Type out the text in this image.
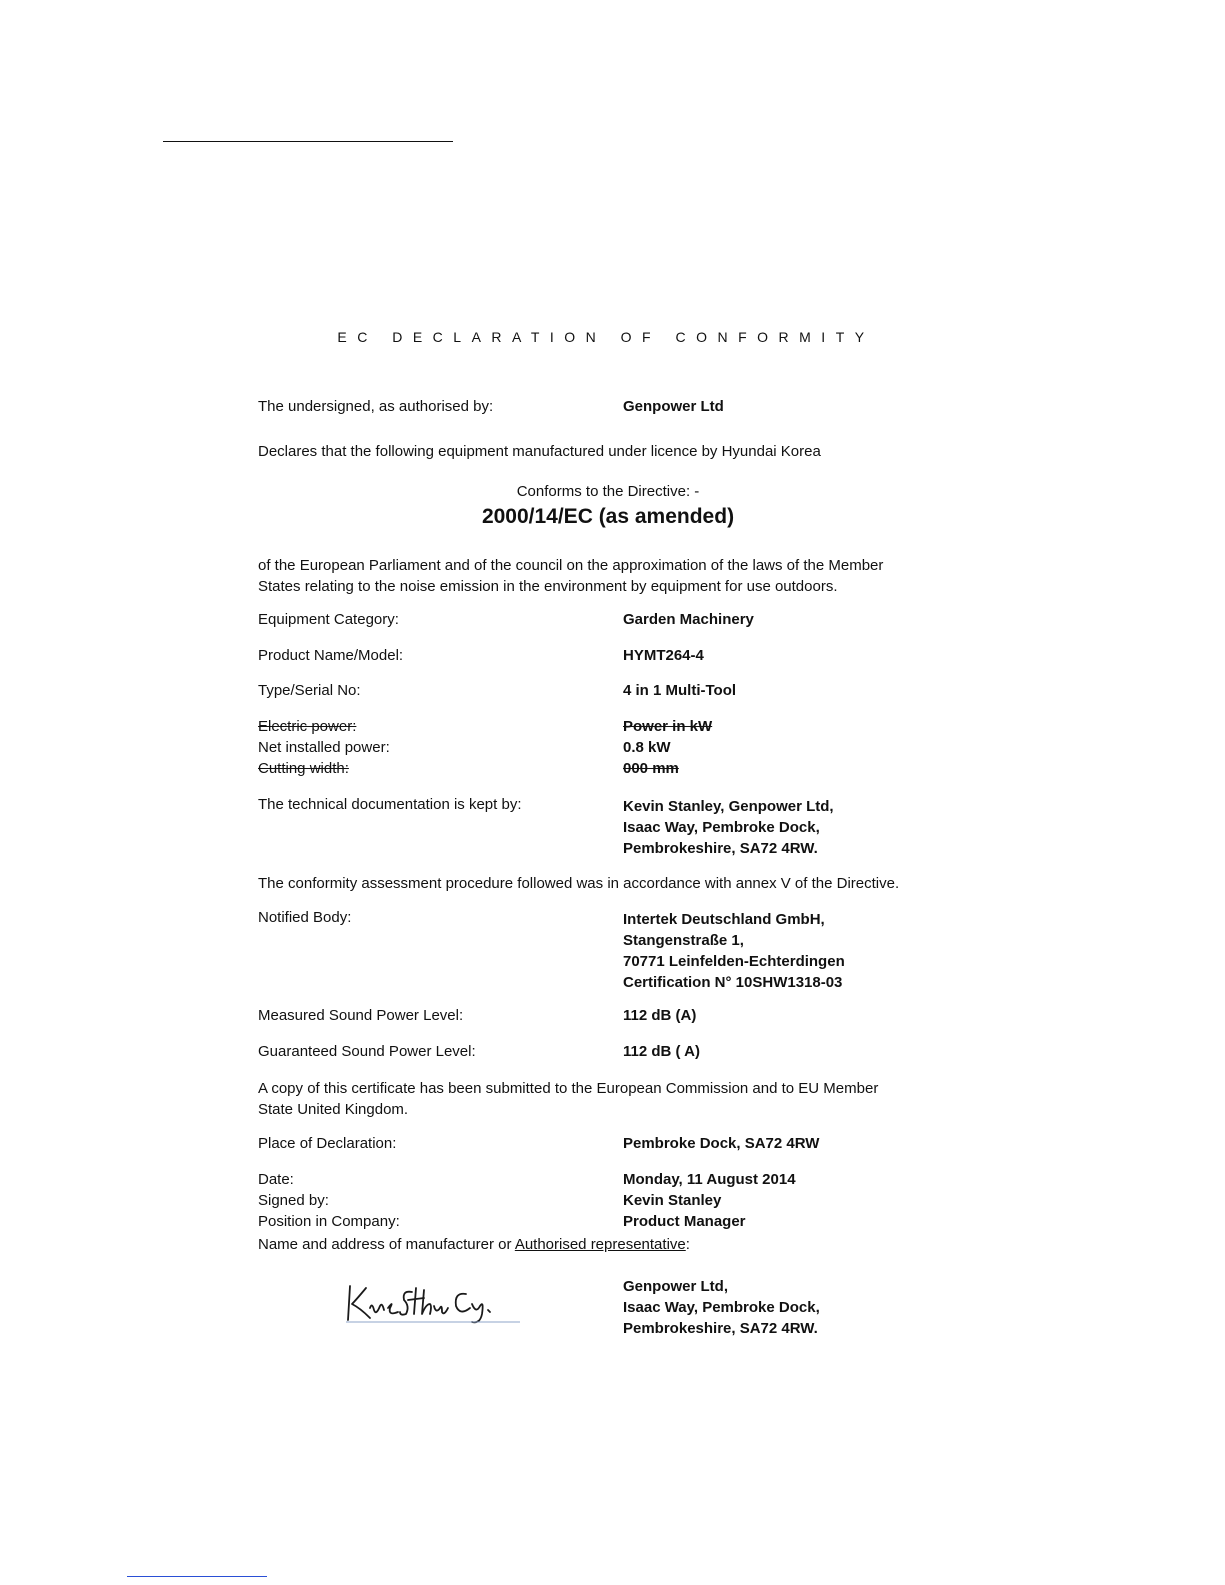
EC DECLARATION OF CONFORMITY
The undersigned, as authorised by:	Genpower Ltd
Declares that the following equipment manufactured under licence by Hyundai Korea
Conforms to the Directive: -
2000/14/EC (as amended)
of the European Parliament and of the council on the approximation of the laws of the Member
States relating to the noise emission in the environment by equipment for use outdoors.
Equipment Category:	Garden Machinery
Product Name/Model:	HYMT264-4
Type/Serial No:	4 in 1 Multi-Tool
Electric power:	Power in kW
Net installed power:	0.8 kW
Cutting width:	000 mm
The technical documentation is kept by:	Kevin Stanley, Genpower Ltd,
Isaac Way, Pembroke Dock,
Pembrokeshire, SA72 4RW.
The conformity assessment procedure followed was in accordance with annex V of the Directive.
Notified Body:	Intertek Deutschland GmbH,
Stangenstraße 1,
70771 Leinfelden-Echterdingen
Certification N° 10SHW1318-03
Measured Sound Power Level:	112 dB (A)
Guaranteed Sound Power Level:	112 dB ( A)
A copy of this certificate has been submitted to the European Commission and to EU Member
State United Kingdom.
Place of Declaration:	Pembroke Dock, SA72 4RW
Date:	Monday, 11 August 2014
Signed by:	Kevin Stanley
Position in Company:	Product Manager
Name and address of manufacturer or Authorised representative:
Genpower Ltd,
Isaac Way, Pembroke Dock,
Pembrokeshire, SA72 4RW.
